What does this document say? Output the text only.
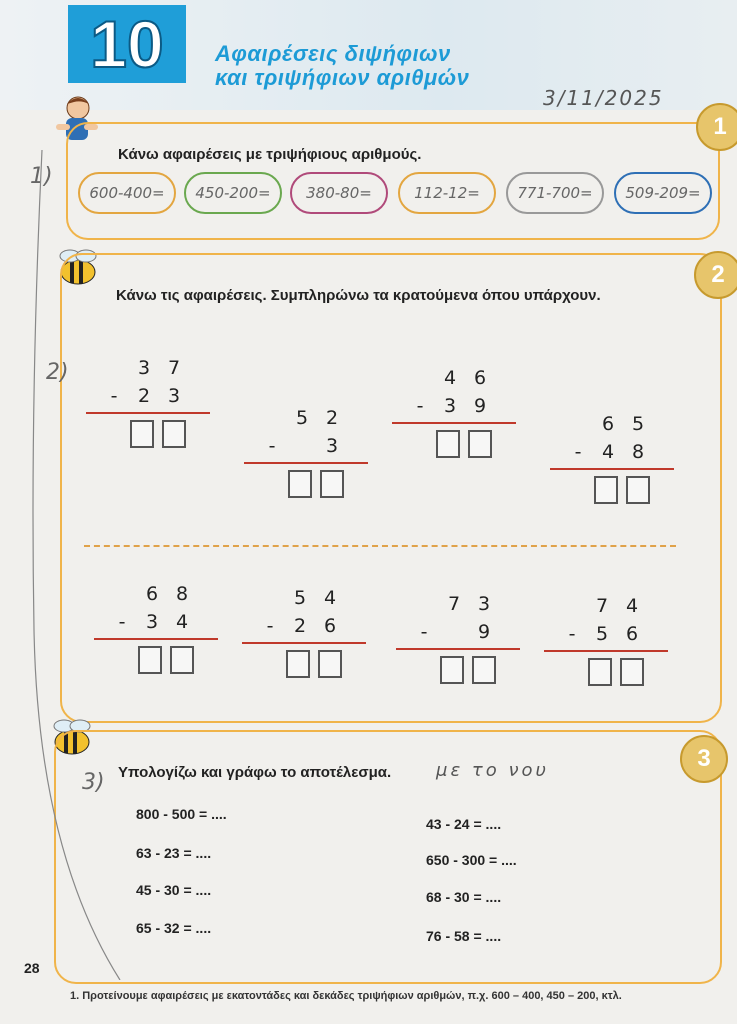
10	Αφαιρέσεις διψήφιων
και τριψήφιων αριθμών
3/11/2025
1
Κάνω αφαιρέσεις με τριψήφιους αριθμούς.
1)
600-400=	450-200=	380-80=	112-12=	771-700=	509-209=
2
Κάνω τις αφαιρέσεις. Συμπληρώνω τα κρατούμενα όπου υπάρχουν.
2)	3 7
-	2 3
5 2
-	3
4 6
-	3 9
6 5
-	4 8
6 8
-	3 4
5 4
-	2 6
7 3
-	9
7 4
-	5 6
3
Υπολογίζω και γράφω το αποτέλεσμα. με το νου
3)
800 - 500 = ....
63 - 23 = ....
45 - 30 = ....
65 - 32 = ....
43 - 24 = ....
650 - 300 = ....
68 - 30 = ....
76 - 58 = ....
28
1. Προτείνουμε αφαιρέσεις με εκατοντάδες και δεκάδες τριψήφιων αριθμών, π.χ. 600 – 400, 450 – 200, κτλ.
